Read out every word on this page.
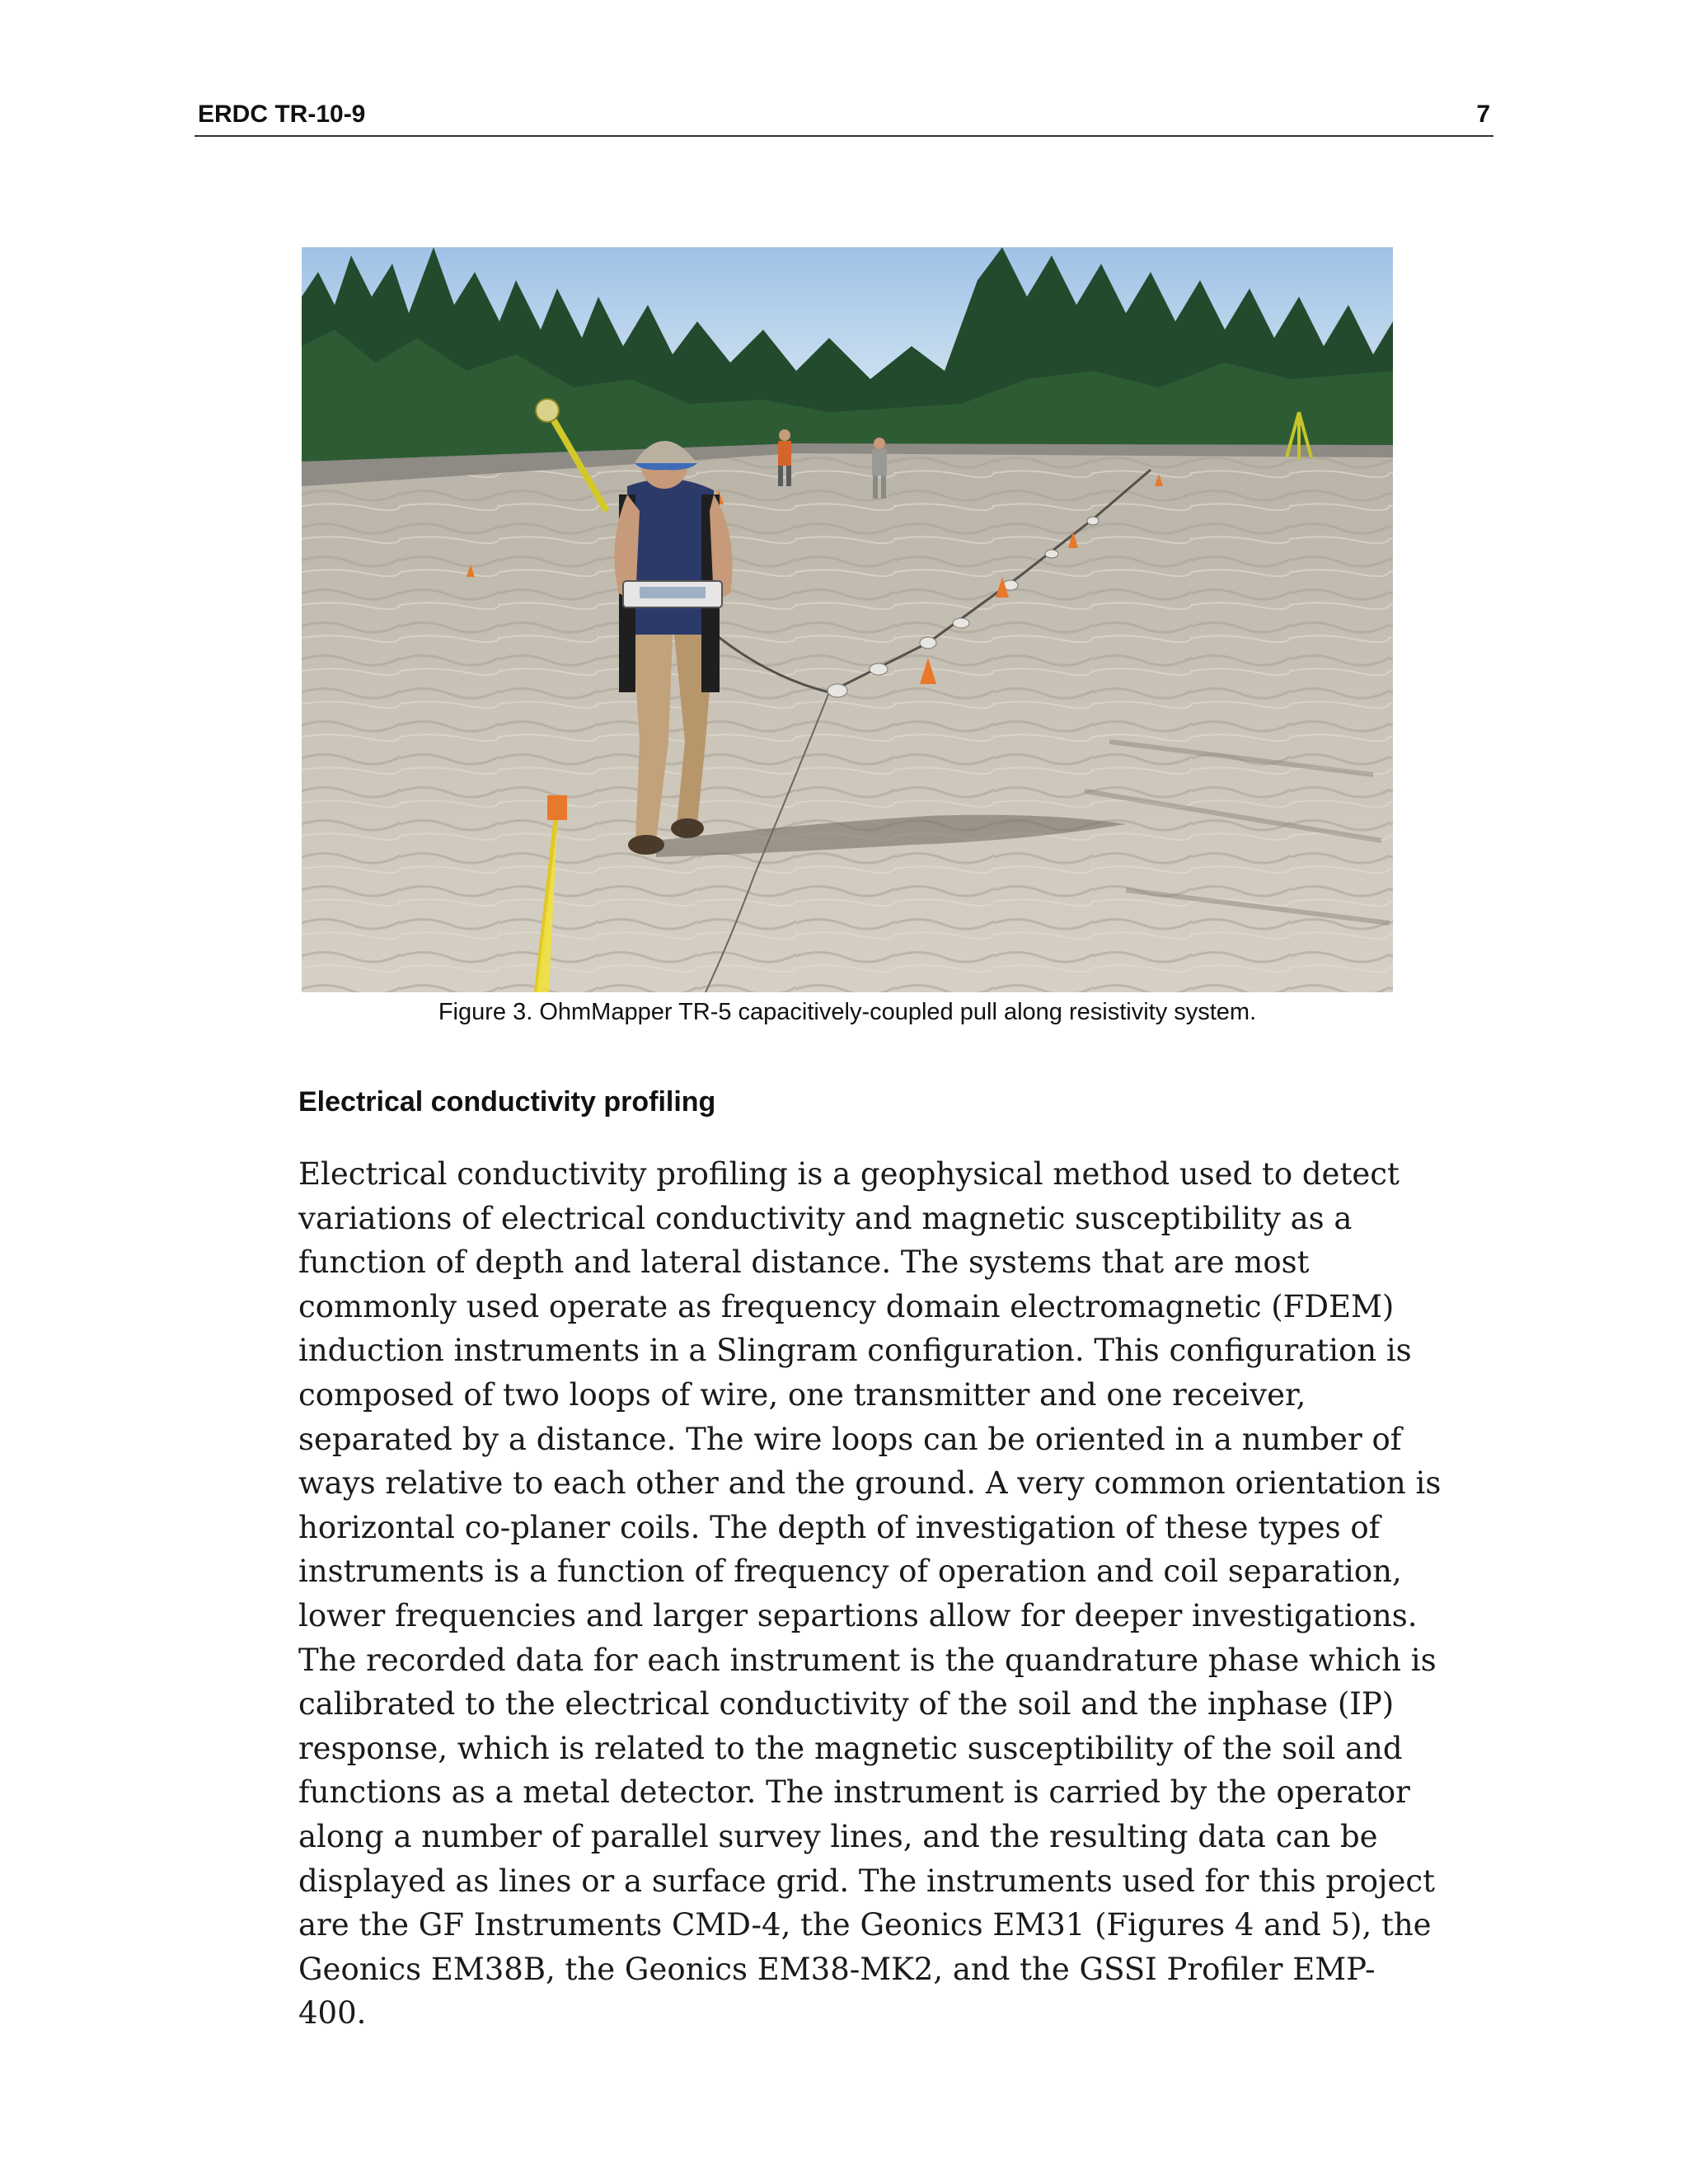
ERDC TR-10-9	7
Figure 3. OhmMapper TR-5 capacitively-coupled pull along resistivity system.
Electrical conductivity profiling
Electrical conductivity profiling is a geophysical method used to detect
variations of electrical conductivity and magnetic susceptibility as a
function of depth and lateral distance. The systems that are most
commonly used operate as frequency domain electromagnetic (FDEM)
induction instruments in a Slingram configuration. This configuration is
composed of two loops of wire, one transmitter and one receiver,
separated by a distance. The wire loops can be oriented in a number of
ways relative to each other and the ground. A very common orientation is
horizontal co-planer coils. The depth of investigation of these types of
instruments is a function of frequency of operation and coil separation,
lower frequencies and larger separtions allow for deeper investigations.
The recorded data for each instrument is the quandrature phase which is
calibrated to the electrical conductivity of the soil and the inphase (IP)
response, which is related to the magnetic susceptibility of the soil and
functions as a metal detector. The instrument is carried by the operator
along a number of parallel survey lines, and the resulting data can be
displayed as lines or a surface grid. The instruments used for this project
are the GF Instruments CMD-4, the Geonics EM31 (Figures 4 and 5), the
Geonics EM38B, the Geonics EM38-MK2, and the GSSI Profiler EMP-
400.
